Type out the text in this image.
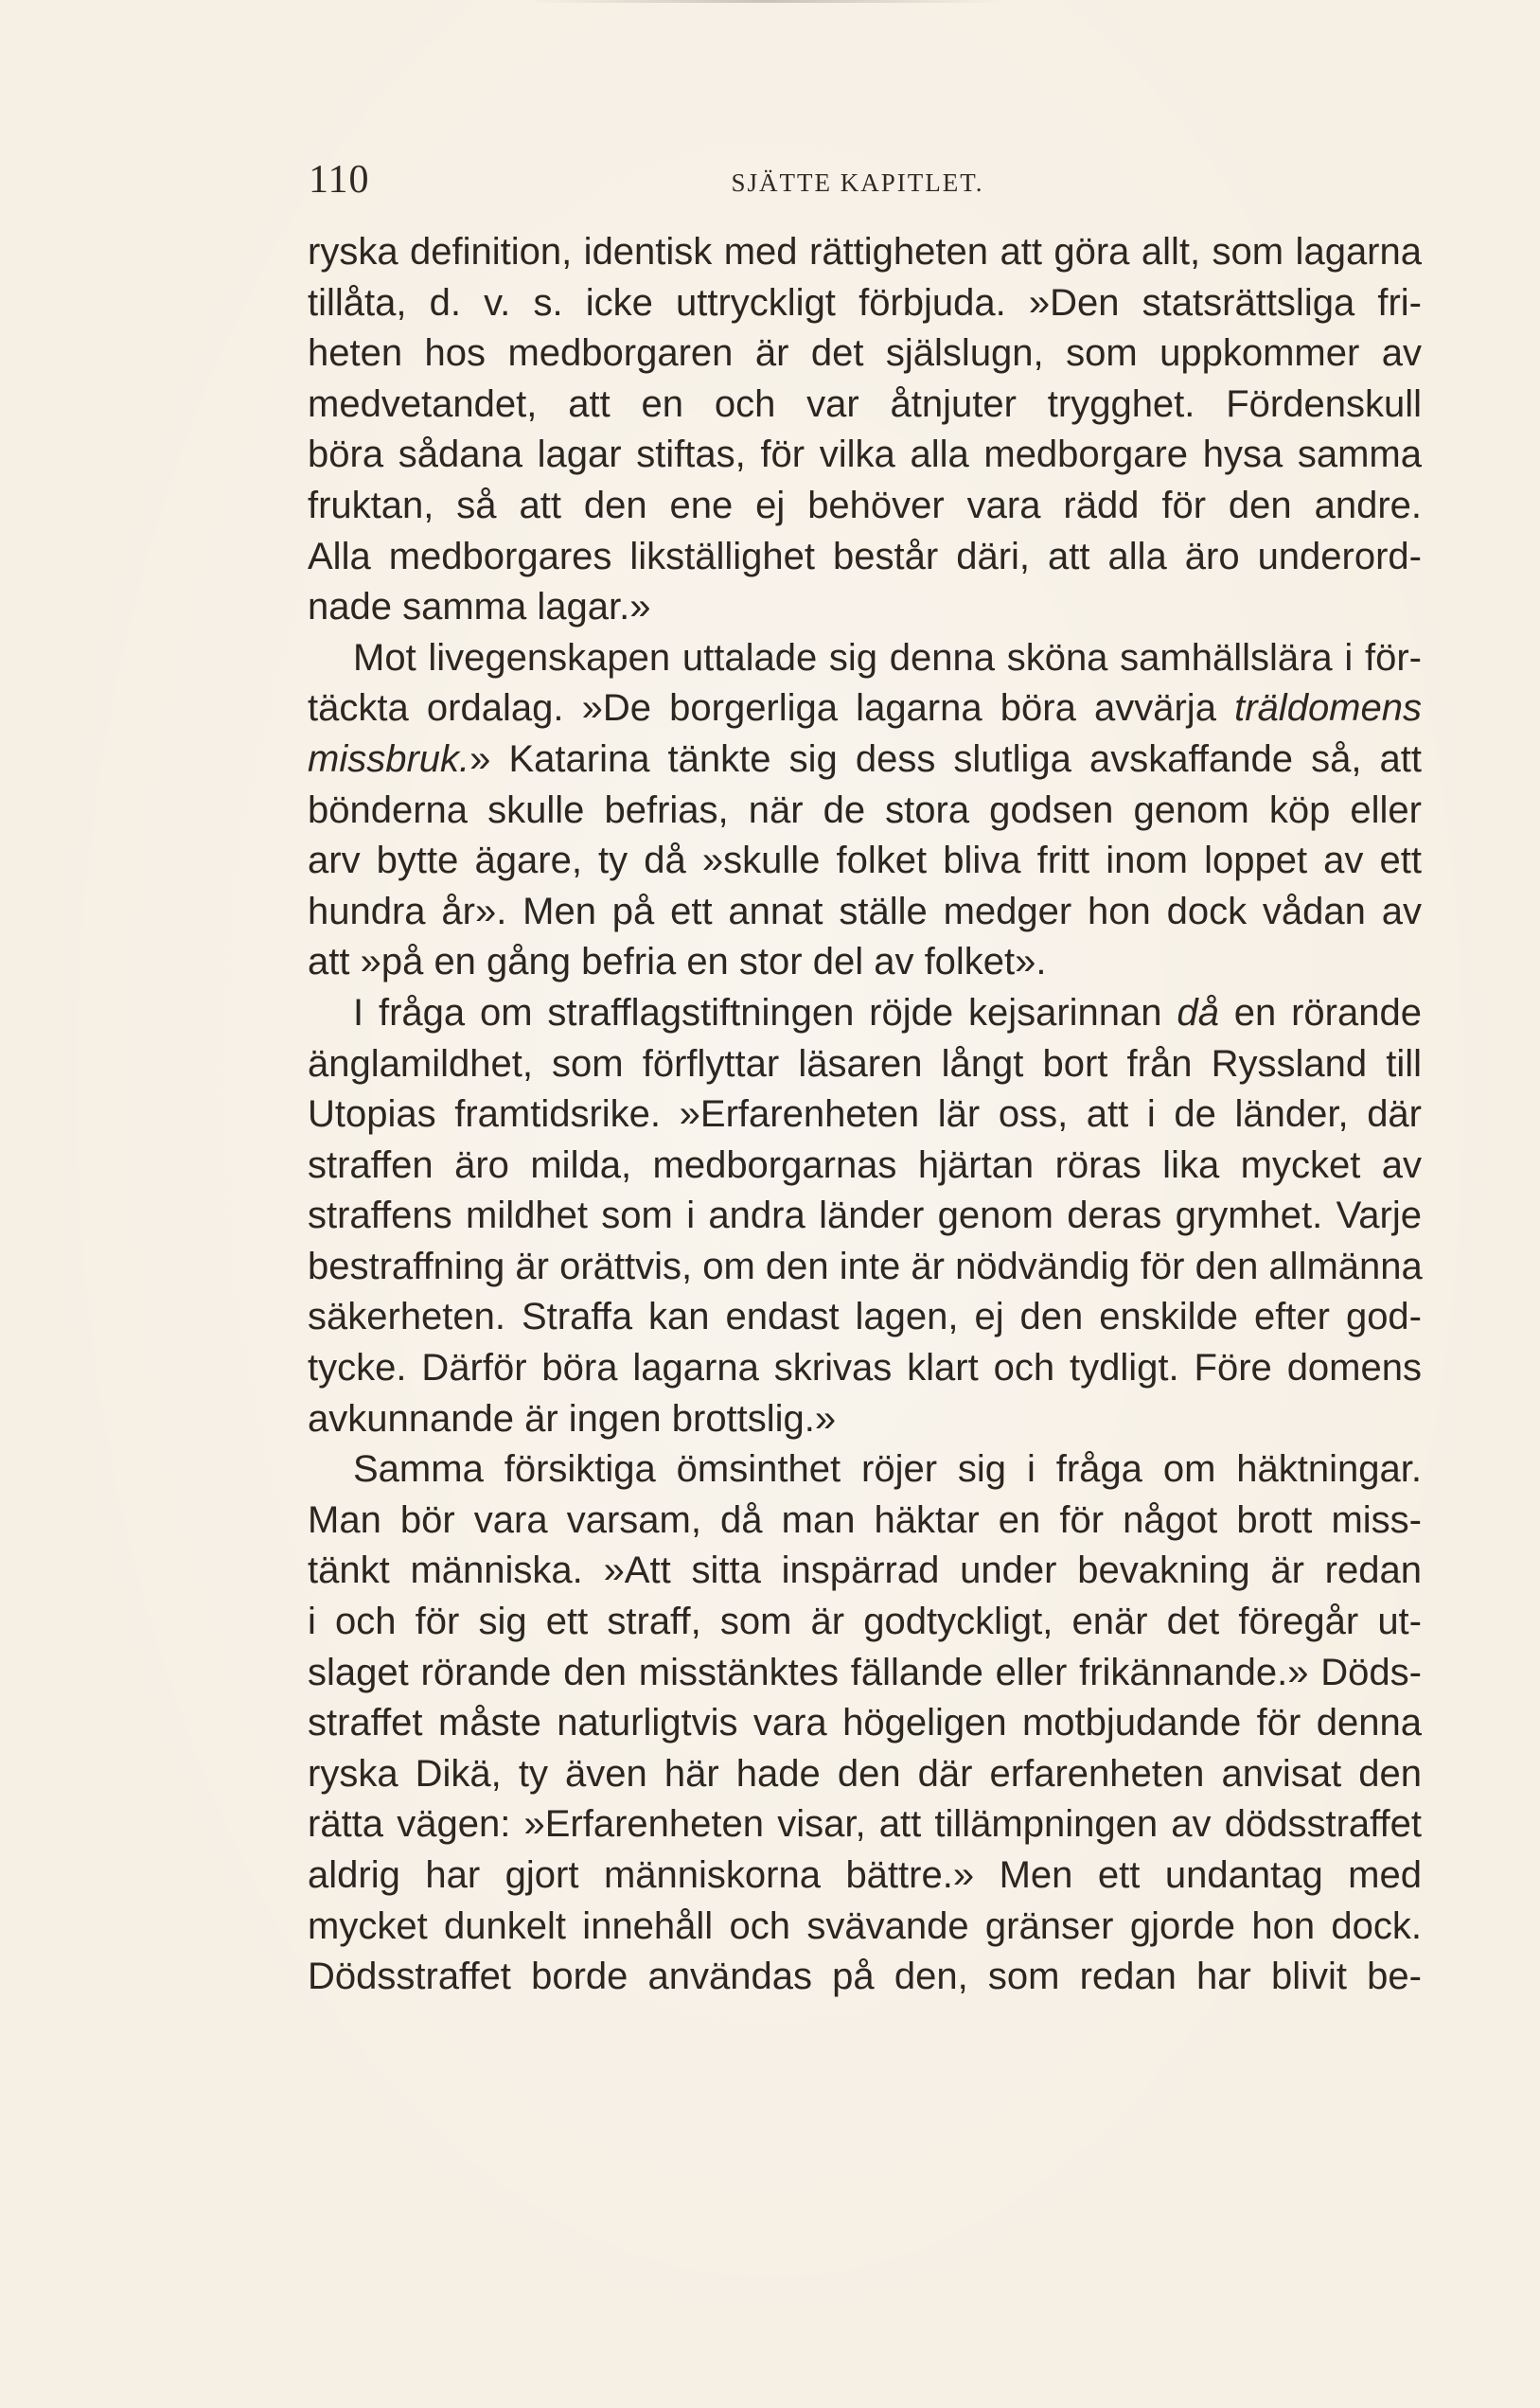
110	SJÄTTE KAPITLET.
ryska definition, identisk med rättigheten att göra allt, som lagarna
tillåta, d. v. s. icke uttryckligt förbjuda. »Den statsrättsliga fri-
heten hos medborgaren är det själslugn, som uppkommer av
medvetandet, att en och var åtnjuter trygghet. Fördenskull
böra sådana lagar stiftas, för vilka alla medborgare hysa samma
fruktan, så att den ene ej behöver vara rädd för den andre.
Alla medborgares likställighet består däri, att alla äro underord-
nade samma lagar.»
Mot livegenskapen uttalade sig denna sköna samhällslära i för-
täckta ordalag. »De borgerliga lagarna böra avvärja träldomens
missbruk.» Katarina tänkte sig dess slutliga avskaffande så, att
bönderna skulle befrias, när de stora godsen genom köp eller
arv bytte ägare, ty då »skulle folket bliva fritt inom loppet av ett
hundra år». Men på ett annat ställe medger hon dock vådan av
att »på en gång befria en stor del av folket».
I fråga om strafflagstiftningen röjde kejsarinnan då en rörande
änglamildhet, som förflyttar läsaren långt bort från Ryssland till
Utopias framtidsrike. »Erfarenheten lär oss, att i de länder, där
straffen äro milda, medborgarnas hjärtan röras lika mycket av
straffens mildhet som i andra länder genom deras grymhet. Varje
bestraffning är orättvis, om den inte är nödvändig för den allmänna
säkerheten. Straffa kan endast lagen, ej den enskilde efter god-
tycke. Därför böra lagarna skrivas klart och tydligt. Före domens
avkunnande är ingen brottslig.»
Samma försiktiga ömsinthet röjer sig i fråga om häktningar.
Man bör vara varsam, då man häktar en för något brott miss-
tänkt människa. »Att sitta inspärrad under bevakning är redan
i och för sig ett straff, som är godtyckligt, enär det föregår ut-
slaget rörande den misstänktes fällande eller frikännande.» Döds-
straffet måste naturligtvis vara högeligen motbjudande för denna
ryska Dikä, ty även här hade den där erfarenheten anvisat den
rätta vägen: »Erfarenheten visar, att tillämpningen av dödsstraffet
aldrig har gjort människorna bättre.» Men ett undantag med
mycket dunkelt innehåll och svävande gränser gjorde hon dock.
Dödsstraffet borde användas på den, som redan har blivit be-
